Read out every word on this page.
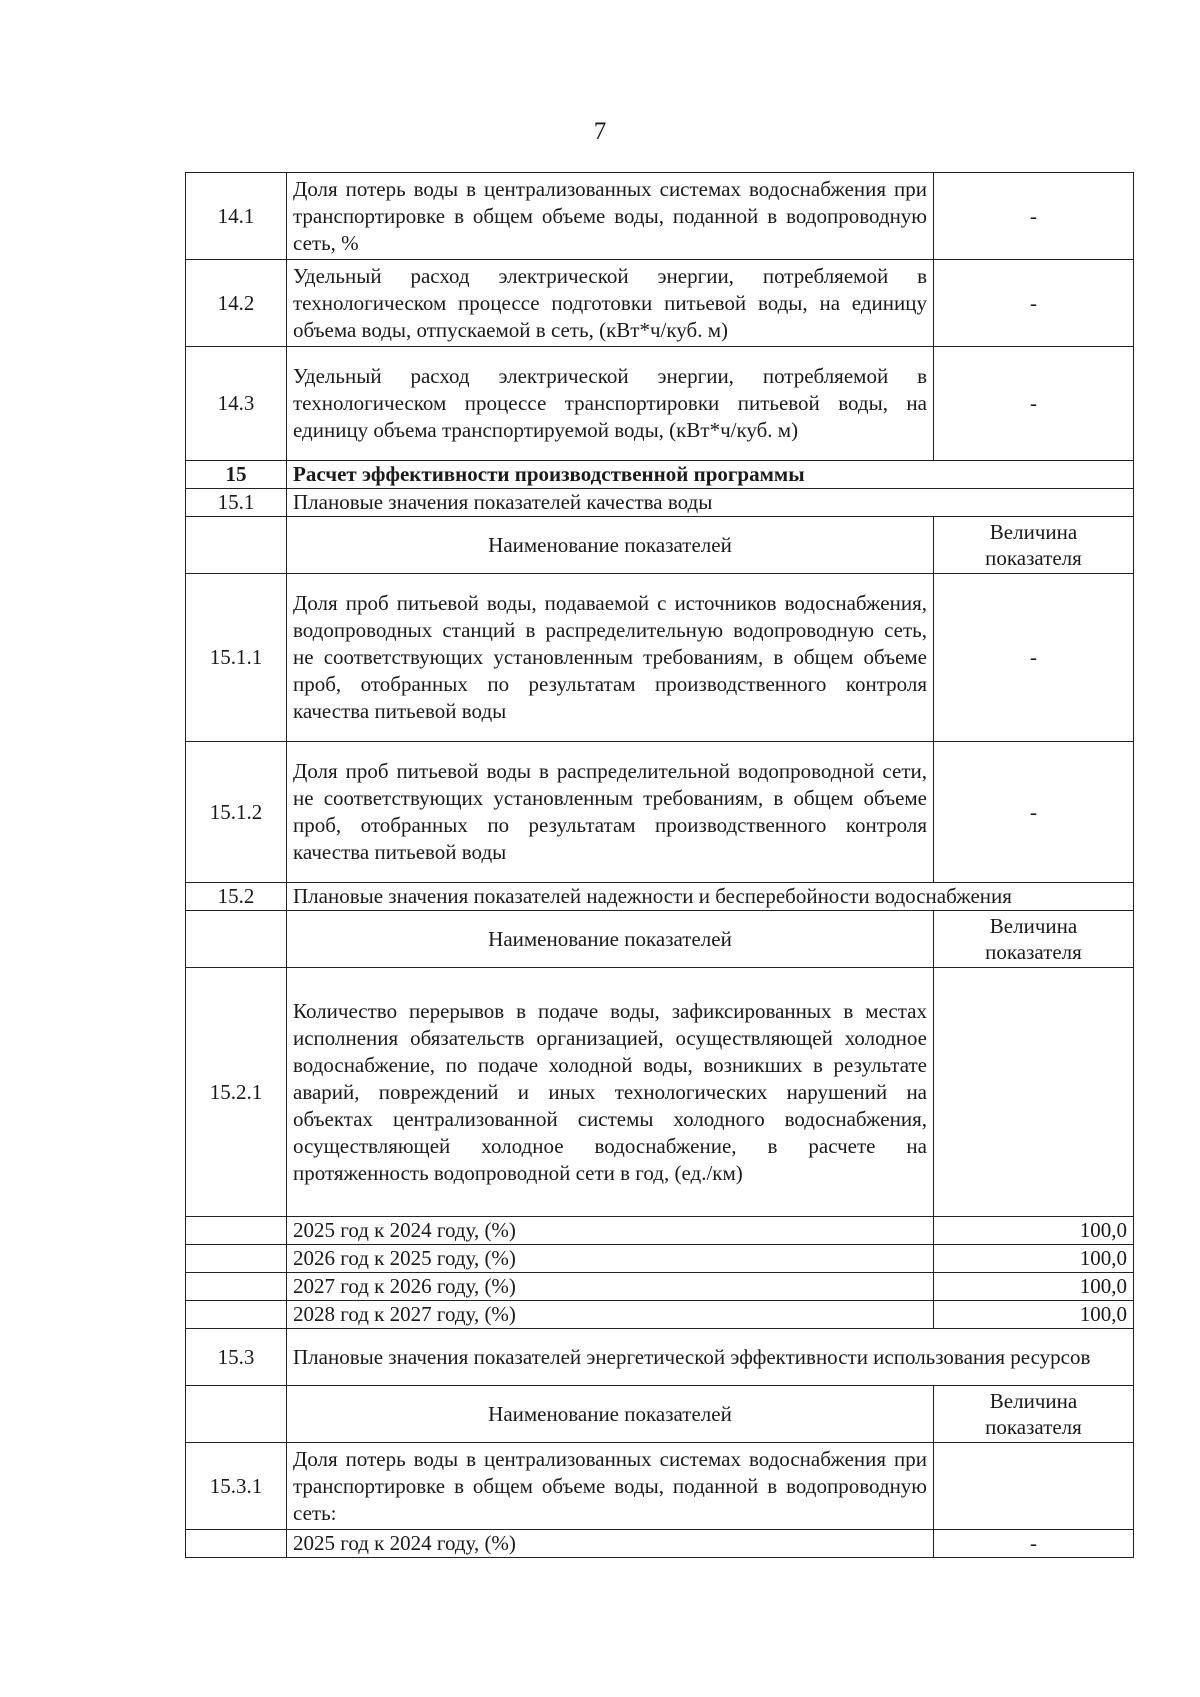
7
14.1	Доля потерь воды в централизованных системах водоснабжения при транспортировке в общем объеме воды, поданной в водопроводную сеть, %	-
14.2	Удельный расход электрической энергии, потребляемой в технологическом процессе подготовки питьевой воды, на единицу объема воды, отпускаемой в сеть, (кВт*ч/куб. м)	-
14.3	Удельный расход электрической энергии, потребляемой в технологическом процессе транспортировки питьевой воды, на единицу объема транспортируемой воды, (кВт*ч/куб. м)	-
15	Расчет эффективности производственной программы	
15.1	Плановые значения показателей качества воды	
	Наименование показателей	Величина показателя
15.1.1	Доля проб питьевой воды, подаваемой с источников водоснабжения, водопроводных станций в распределительную водопроводную сеть, не соответствующих установленным требованиям, в общем объеме проб, отобранных по результатам производственного контроля качества питьевой воды	-
15.1.2	Доля проб питьевой воды в распределительной водопроводной сети, не соответствующих установленным требованиям, в общем объеме проб, отобранных по результатам производственного контроля качества питьевой воды	-
15.2	Плановые значения показателей надежности и бесперебойности водоснабжения	
	Наименование показателей	Величина показателя
15.2.1	Количество перерывов в подаче воды, зафиксированных в местах исполнения обязательств организацией, осуществляющей холодное водоснабжение, по подаче холодной воды, возникших в результате аварий, повреждений и иных технологических нарушений на объектах централизованной системы холодного водоснабжения, осуществляющей холодное водоснабжение, в расчете на протяженность водопроводной сети в год, (ед./км)	
	2025 год к 2024 году, (%)	100,0
	2026 год к 2025 году, (%)	100,0
	2027 год к 2026 году, (%)	100,0
	2028 год к 2027 году, (%)	100,0
15.3	Плановые значения показателей энергетической эффективности использования ресурсов	
	Наименование показателей	Величина показателя
15.3.1	Доля потерь воды в централизованных системах водоснабжения при транспортировке в общем объеме воды, поданной в водопроводную сеть:	
	2025 год к 2024 году, (%)	-
